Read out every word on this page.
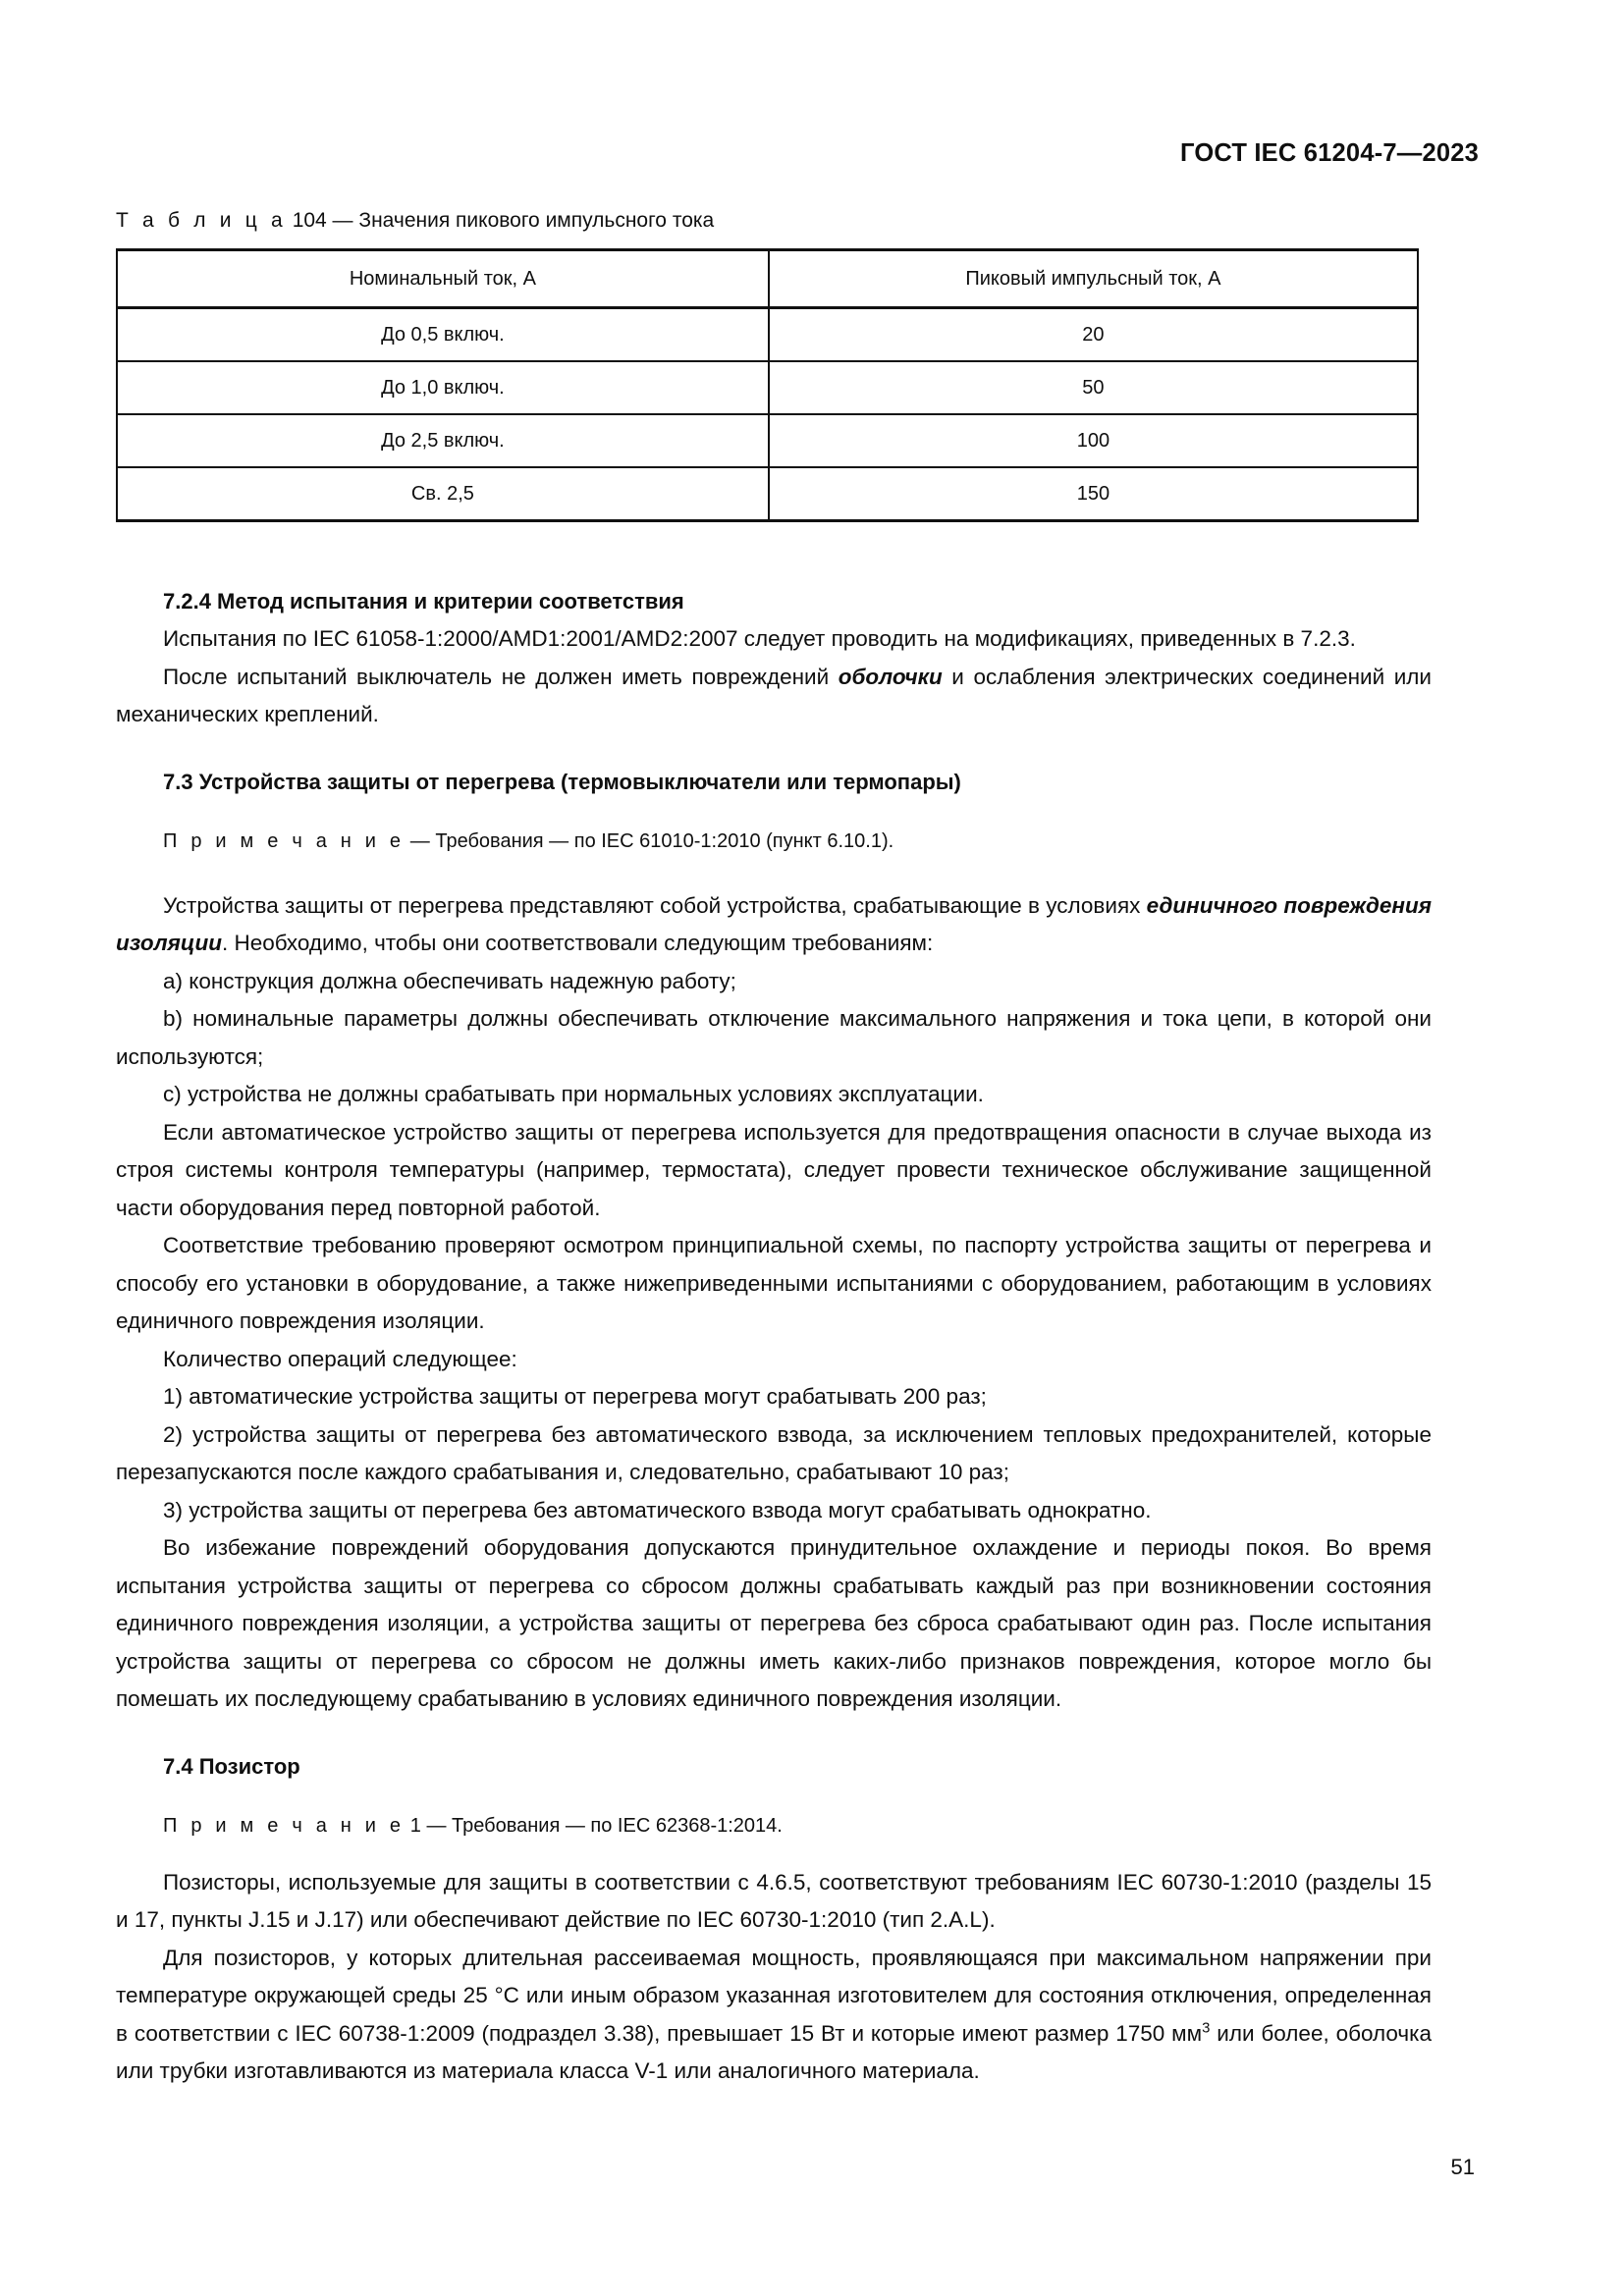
ГОСТ IEC 61204-7—2023

Т а б л и ц а 104 — Значения пикового импульсного тока

Номинальный ток, А	Пиковый импульсный ток, А
До 0,5 включ.	20
До 1,0 включ.	50
До 2,5 включ.	100
Св. 2,5	150
7.2.4 Метод испытания и критерии соответствия

Испытания по IEC 61058-1:2000/AMD1:2001/AMD2:2007 следует проводить на модификациях, приведенных в 7.2.3.

После испытаний выключатель не должен иметь повреждений оболочки и ослабления электрических соединений или механических креплений.

7.3 Устройства защиты от перегрева (термовыключатели или термопары)

П р и м е ч а н и е — Требования — по IEC 61010-1:2010 (пункт 6.10.1).

Устройства защиты от перегрева представляют собой устройства, срабатывающие в условиях единичного повреждения изоляции. Необходимо, чтобы они соответствовали следующим требованиям:

a) конструкция должна обеспечивать надежную работу;

b) номинальные параметры должны обеспечивать отключение максимального напряжения и тока цепи, в которой они используются;

c) устройства не должны срабатывать при нормальных условиях эксплуатации.

Если автоматическое устройство защиты от перегрева используется для предотвращения опасности в случае выхода из строя системы контроля температуры (например, термостата), следует провести техническое обслуживание защищенной части оборудования перед повторной работой.

Соответствие требованию проверяют осмотром принципиальной схемы, по паспорту устройства защиты от перегрева и способу его установки в оборудование, а также нижеприведенными испытаниями с оборудованием, работающим в условиях единичного повреждения изоляции.

Количество операций следующее:

1) автоматические устройства защиты от перегрева могут срабатывать 200 раз;

2) устройства защиты от перегрева без автоматического взвода, за исключением тепловых предохранителей, которые перезапускаются после каждого срабатывания и, следовательно, срабатывают 10 раз;

3) устройства защиты от перегрева без автоматического взвода могут срабатывать однократно.

Во избежание повреждений оборудования допускаются принудительное охлаждение и периоды покоя. Во время испытания устройства защиты от перегрева со сбросом должны срабатывать каждый раз при возникновении состояния единичного повреждения изоляции, а устройства защиты от перегрева без сброса срабатывают один раз. После испытания устройства защиты от перегрева со сбросом не должны иметь каких-либо признаков повреждения, которое могло бы помешать их последующему срабатыванию в условиях единичного повреждения изоляции.

7.4 Позистор

П р и м е ч а н и е 1 — Требования — по IEC 62368-1:2014.

Позисторы, используемые для защиты в соответствии с 4.6.5, соответствуют требованиям IEC 60730-1:2010 (разделы 15 и 17, пункты J.15 и J.17) или обеспечивают действие по IEC 60730-1:2010 (тип 2.A.L).

Для позисторов, у которых длительная рассеиваемая мощность, проявляющаяся при максимальном напряжении при температуре окружающей среды 25 °C или иным образом указанная изготовителем для состояния отключения, определенная в соответствии с IEC 60738-1:2009 (подраздел 3.38), превышает 15 Вт и которые имеют размер 1750 $мм^3$ или более, оболочка или трубки изготавливаются из материала класса V-1 или аналогичного материала.

51
